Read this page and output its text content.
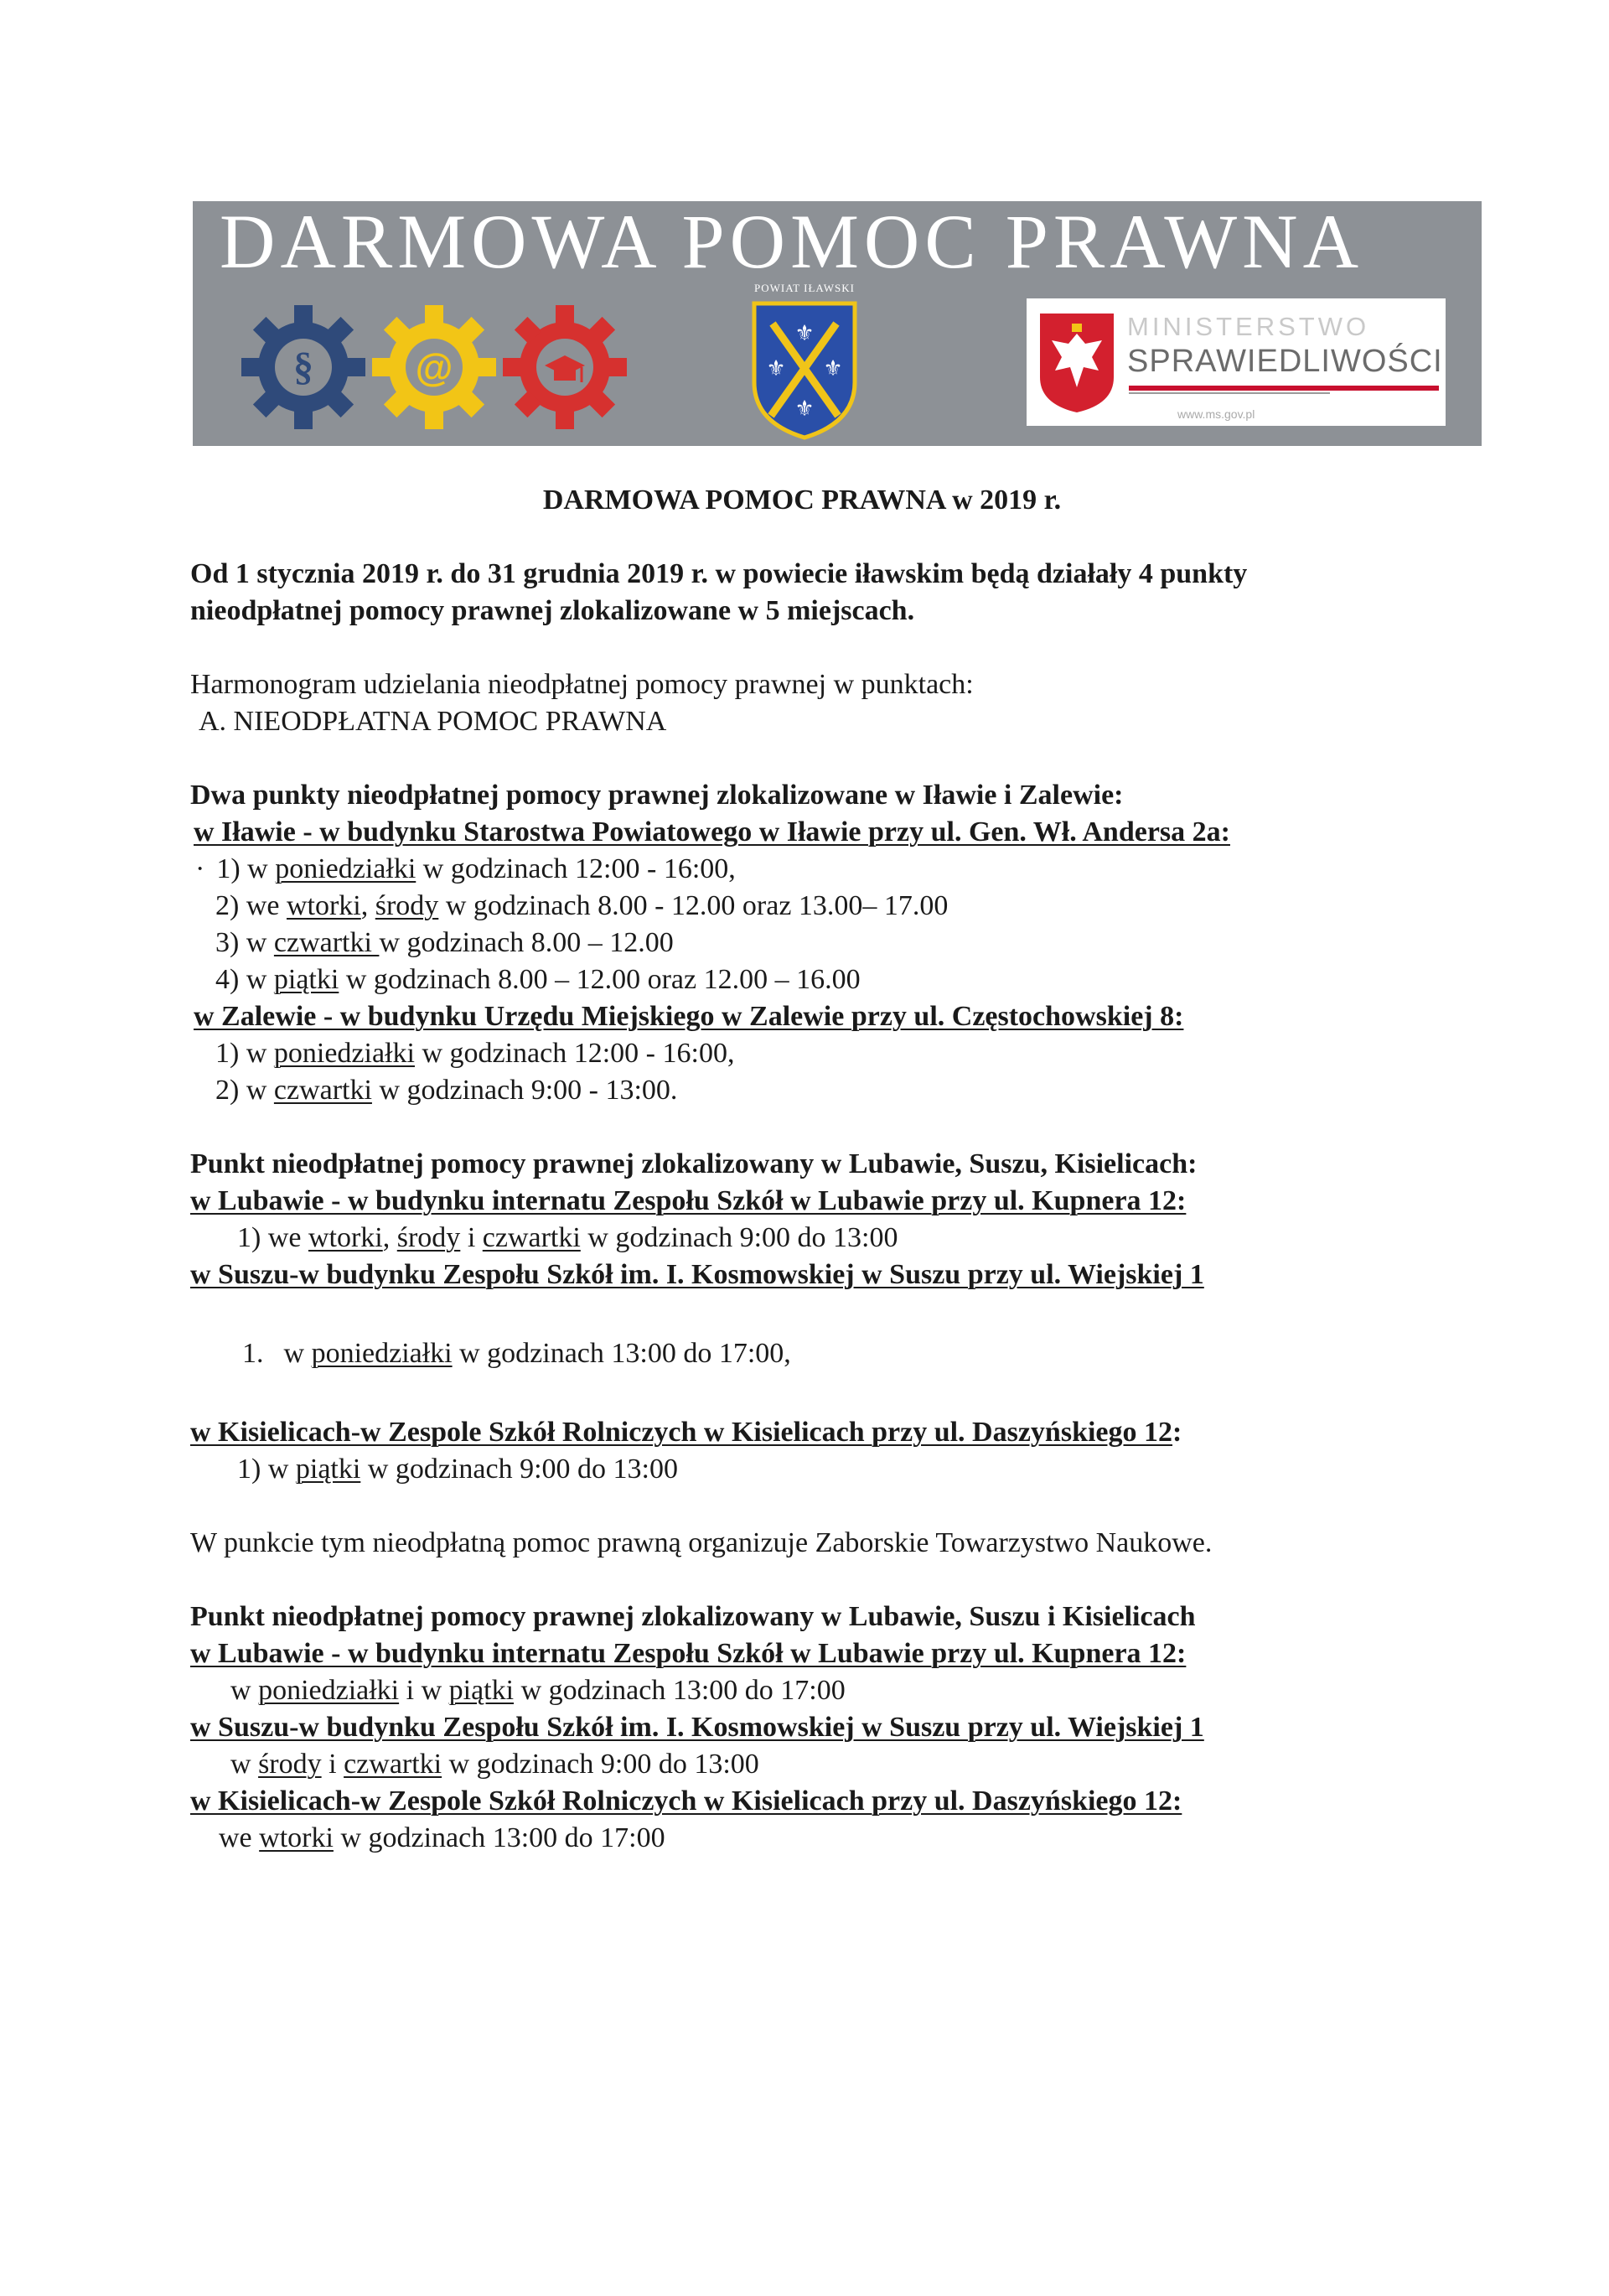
DARMOWA POMOC PRAWNA
§	@
POWIAT IŁAWSKI
⚜
⚜ ⚜
⚜
MINISTERSTWO
SPRAWIEDLIWOŚCI
www.ms.gov.pl

DARMOWA POMOC PRAWNA w 2019 r.

Od 1 stycznia 2019 r. do 31 grudnia 2019 r. w powiecie iławskim będą działały 4 punkty

nieodpłatnej pomocy prawnej zlokalizowane w 5 miejscach.

Harmonogram udzielania nieodpłatnej pomocy prawnej w punktach:

A. NIEODPŁATNA POMOC PRAWNA

Dwa punkty nieodpłatnej pomocy prawnej zlokalizowane w Iławie i Zalewie:

w Iławie - w budynku Starostwa Powiatowego w Iławie przy ul. Gen. Wł. Andersa 2a:

· 1) w poniedziałki w godzinach 12:00 - 16:00,

2) we wtorki, środy w godzinach 8.00 - 12.00 oraz 13.00– 17.00

3) w czwartki w godzinach 8.00 – 12.00

4) w piątki w godzinach 8.00 – 12.00 oraz 12.00 – 16.00

w Zalewie - w budynku Urzędu Miejskiego w Zalewie przy ul. Częstochowskiej 8:

1) w poniedziałki w godzinach 12:00 - 16:00,

2) w czwartki w godzinach 9:00 - 13:00.

Punkt nieodpłatnej pomocy prawnej zlokalizowany w Lubawie, Suszu, Kisielicach:

w Lubawie - w budynku internatu Zespołu Szkół w Lubawie przy ul. Kupnera 12:

1) we wtorki, środy i czwartki w godzinach 9:00 do 13:00

w Suszu-w budynku Zespołu Szkół im. I. Kosmowskiej w Suszu przy ul. Wiejskiej 1

1. w poniedziałki w godzinach 13:00 do 17:00,

w Kisielicach-w Zespole Szkół Rolniczych w Kisielicach przy ul. Daszyńskiego 12:

1) w piątki w godzinach 9:00 do 13:00

W punkcie tym nieodpłatną pomoc prawną organizuje Zaborskie Towarzystwo Naukowe.

Punkt nieodpłatnej pomocy prawnej zlokalizowany w Lubawie, Suszu i Kisielicach

w Lubawie - w budynku internatu Zespołu Szkół w Lubawie przy ul. Kupnera 12:

w poniedziałki i w piątki w godzinach 13:00 do 17:00

w Suszu-w budynku Zespołu Szkół im. I. Kosmowskiej w Suszu przy ul. Wiejskiej 1

w środy i czwartki w godzinach 9:00 do 13:00

w Kisielicach-w Zespole Szkół Rolniczych w Kisielicach przy ul. Daszyńskiego 12:

we wtorki w godzinach 13:00 do 17:00
